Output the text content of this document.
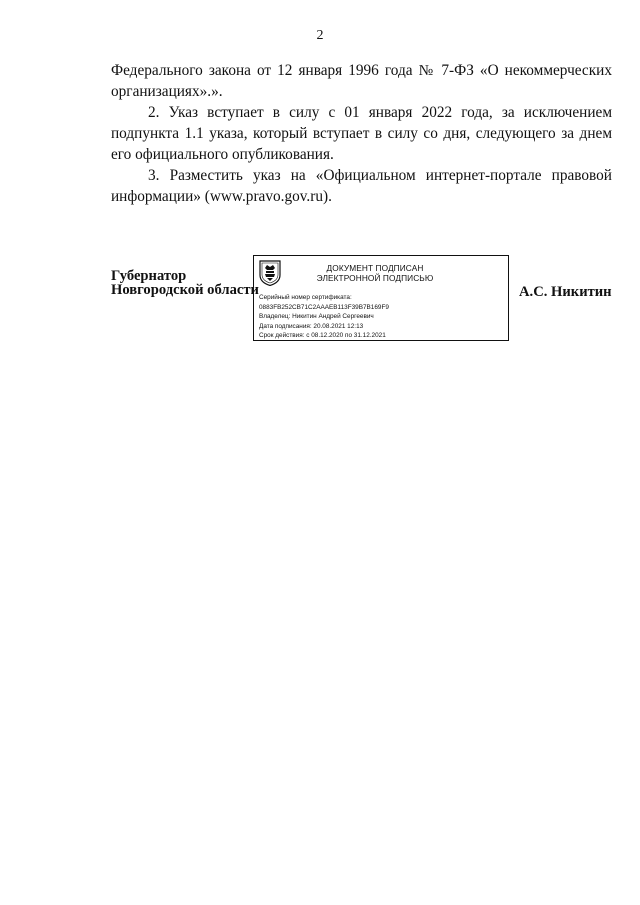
2

Федерального закона от 12 января 1996 года № 7-ФЗ «О некоммерческих организациях».».

2. Указ вступает в силу с 01 января 2022 года, за исключением подпункта 1.1 указа, который вступает в силу со дня, следующего за днем его официального опубликования.

3. Разместить указ на «Официальном интернет-портале правовой информации» (www.pravo.gov.ru).

Губернатор
Новгородской области
ДОКУМЕНТ ПОДПИСАН
ЭЛЕКТРОННОЙ ПОДПИСЬЮ
Серийный номер сертификата:
0883FB252CB71C2AAAEB113F39B7B169F9
Владелец: Никитин Андрей Сергеевич
Дата подписания: 20.08.2021 12:13
Срок действия: с 08.12.2020 по 31.12.2021
А.С. Никитин
